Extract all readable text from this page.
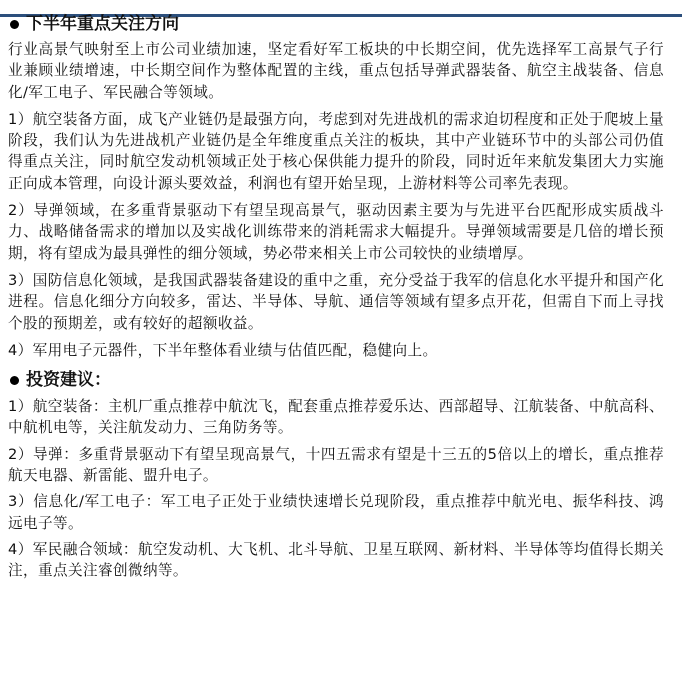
下半年重点关注方向

行业高景气映射至上市公司业绩加速，坚定看好军工板块的中长期空间，优先选择军工高景气子行业兼顾业绩增速，中长期空间作为整体配置的主线，重点包括导弹武器装备、航空主战装备、信息化/军工电子、军民融合等领域。

1）航空装备方面，成飞产业链仍是最强方向，考虑到对先进战机的需求迫切程度和正处于爬坡上量阶段，我们认为先进战机产业链仍是全年维度重点关注的板块，其中产业链环节中的头部公司仍值得重点关注，同时航空发动机领域正处于核心保供能力提升的阶段，同时近年来航发集团大力实施正向成本管理，向设计源头要效益，利润也有望开始呈现，上游材料等公司率先表现。

2）导弹领域，在多重背景驱动下有望呈现高景气，驱动因素主要为与先进平台匹配形成实质战斗力、战略储备需求的增加以及实战化训练带来的消耗需求大幅提升。导弹领域需要是几倍的增长预期，将有望成为最具弹性的细分领域，势必带来相关上市公司较快的业绩增厚。

3）国防信息化领域，是我国武器装备建设的重中之重，充分受益于我军的信息化水平提升和国产化进程。信息化细分方向较多，雷达、半导体、导航、通信等领域有望多点开花，但需自下而上寻找个股的预期差，或有较好的超额收益。

4）军用电子元器件，下半年整体看业绩与估值匹配，稳健向上。

投资建议：

1）航空装备：主机厂重点推荐中航沈飞，配套重点推荐爱乐达、西部超导、江航装备、中航高科、中航机电等，关注航发动力、三角防务等。

2）导弹：多重背景驱动下有望呈现高景气，十四五需求有望是十三五的5倍以上的增长，重点推荐航天电器、新雷能、盟升电子。

3）信息化/军工电子：军工电子正处于业绩快速增长兑现阶段，重点推荐中航光电、振华科技、鸿远电子等。

4）军民融合领域：航空发动机、大飞机、北斗导航、卫星互联网、新材料、半导体等均值得长期关注，重点关注睿创微纳等。
